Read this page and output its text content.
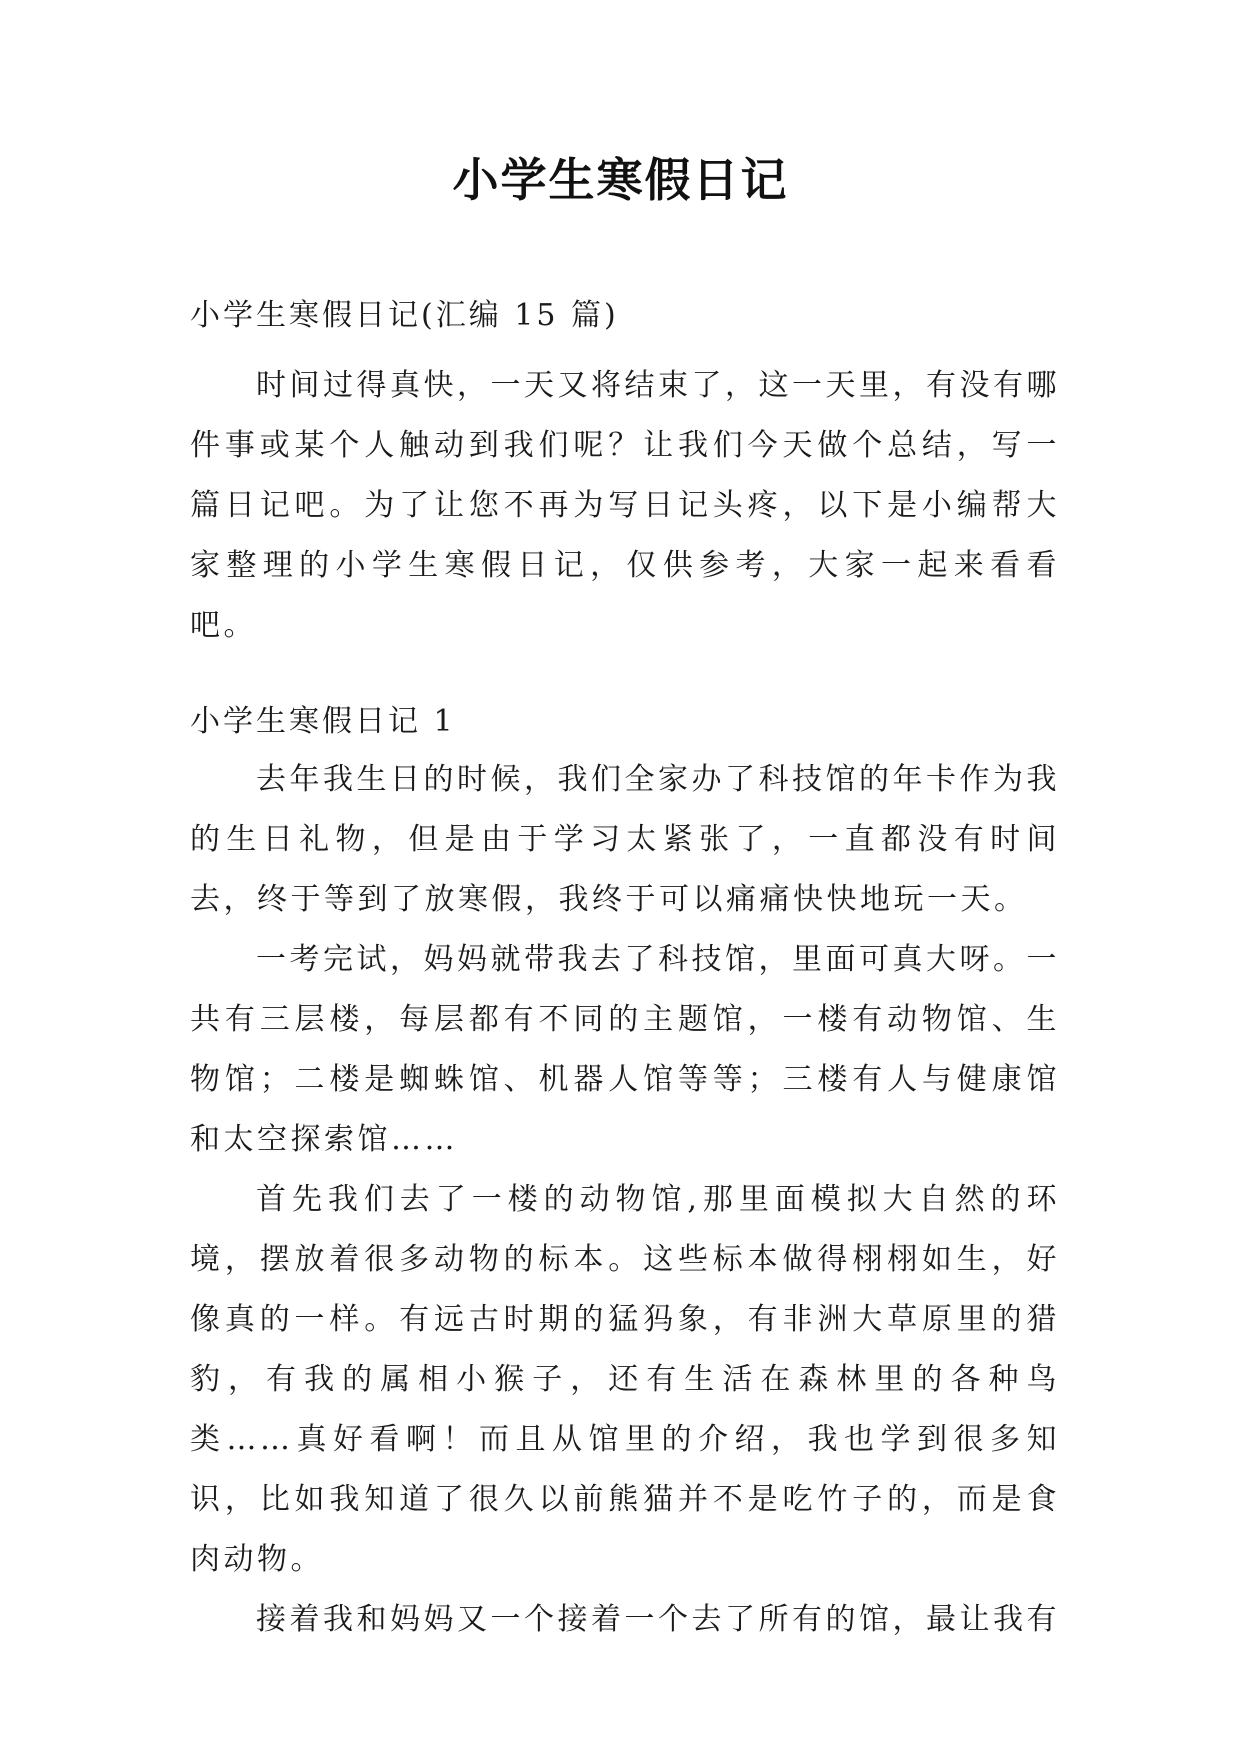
小学生寒假日记

小学生寒假日记(汇编 15 篇)

时间过得真快，一天又将结束了，这一天里，有没有哪件事或某个人触动到我们呢？让我们今天做个总结，写一篇日记吧。为了让您不再为写日记头疼，以下是小编帮大家整理的小学生寒假日记，仅供参考，大家一起来看看吧。

小学生寒假日记 1

去年我生日的时候，我们全家办了科技馆的年卡作为我的生日礼物，但是由于学习太紧张了，一直都没有时间去，终于等到了放寒假，我终于可以痛痛快快地玩一天。

一考完试，妈妈就带我去了科技馆，里面可真大呀。一共有三层楼，每层都有不同的主题馆，一楼有动物馆、生物馆；二楼是蜘蛛馆、机器人馆等等；三楼有人与健康馆和太空探索馆……

首先我们去了一楼的动物馆,那里面模拟大自然的环境，摆放着很多动物的标本。这些标本做得栩栩如生，好像真的一样。有远古时期的猛犸象，有非洲大草原里的猎豹，有我的属相小猴子，还有生活在森林里的各种鸟类……真好看啊！而且从馆里的介绍，我也学到很多知识，比如我知道了很久以前熊猫并不是吃竹子的，而是食肉动物。

接着我和妈妈又一个接着一个去了所有的馆，最让我有
